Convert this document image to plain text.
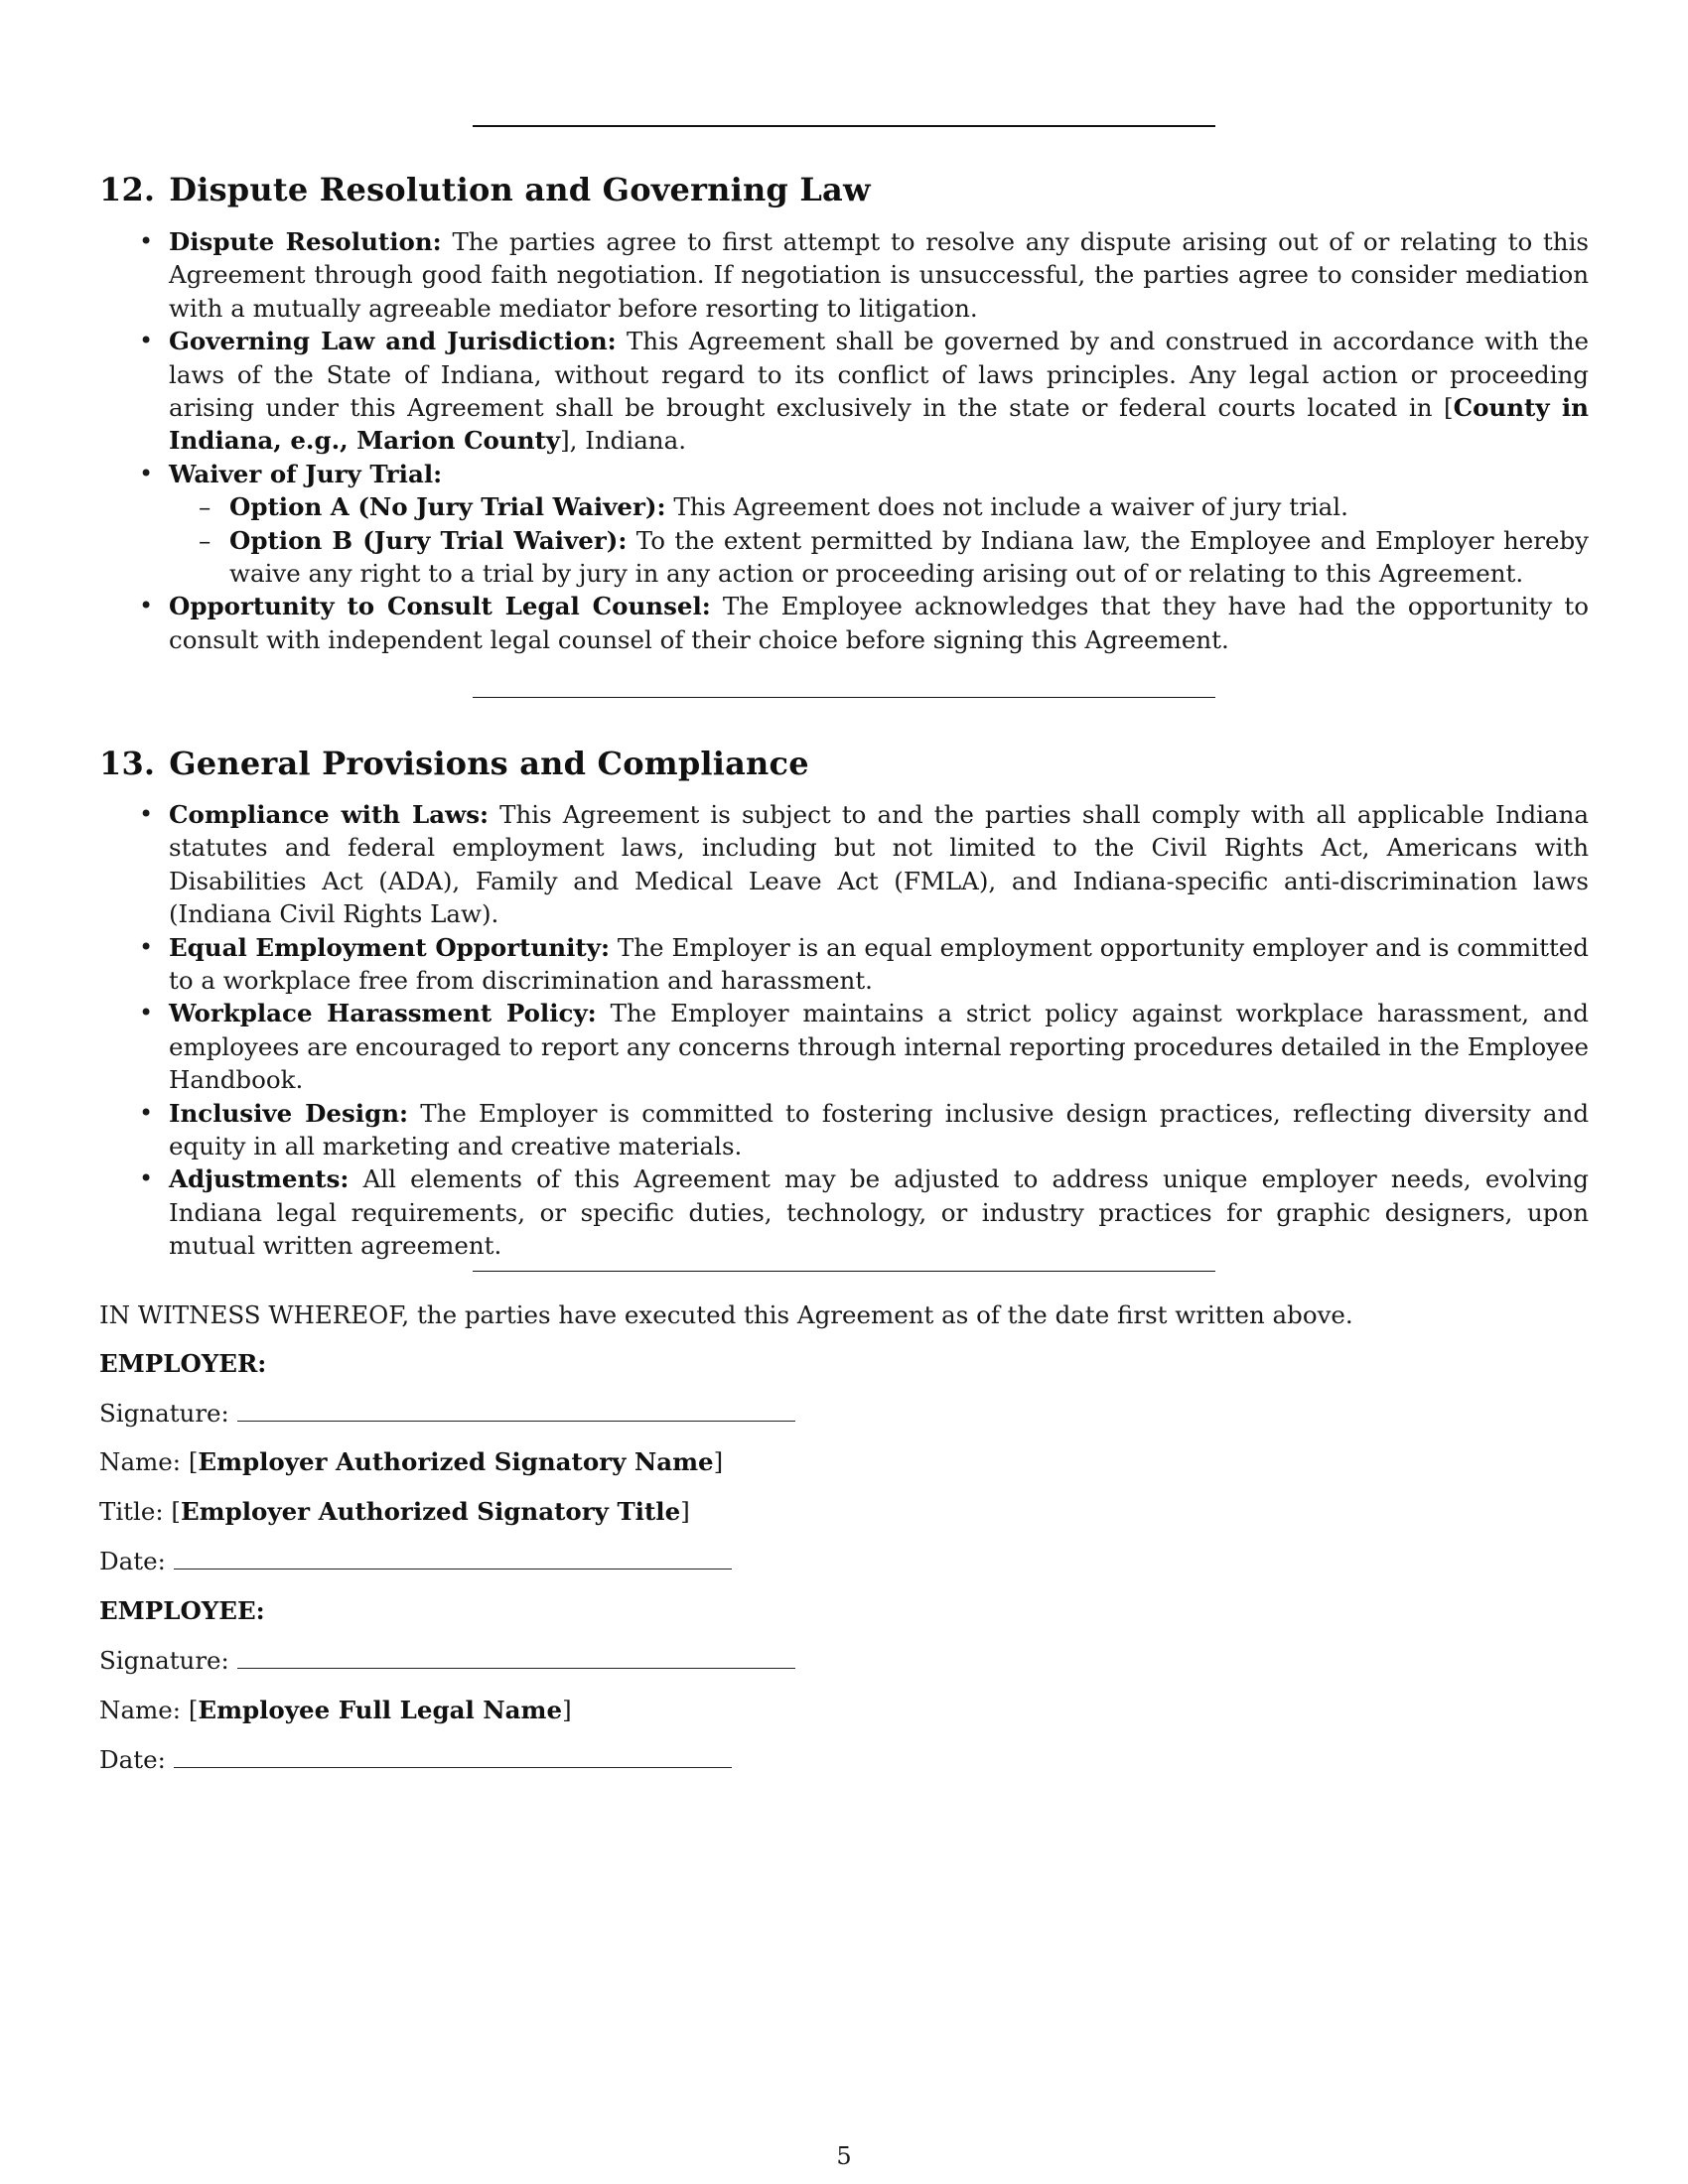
12. Dispute Resolution and Governing Law
• Dispute Resolution: The parties agree to first attempt to resolve any dispute arising out of or relating to this Agreement through good faith negotiation. If negotiation is unsuccessful, the parties agree to consider mediation with a mutually agreeable mediator before resorting to litigation.
• Governing Law and Jurisdiction: This Agreement shall be governed by and construed in accordance with the laws of the State of Indiana, without regard to its conflict of laws principles. Any legal action or proceeding arising under this Agreement shall be brought exclusively in the state or federal courts located in [County in Indiana, e.g., Marion County], Indiana.
• Waiver of Jury Trial:
– Option A (No Jury Trial Waiver): This Agreement does not include a waiver of jury trial.
– Option B (Jury Trial Waiver): To the extent permitted by Indiana law, the Employee and Employer hereby waive any right to a trial by jury in any action or proceeding arising out of or relating to this Agreement.
• Opportunity to Consult Legal Counsel: The Employee acknowledges that they have had the opportunity to consult with independent legal counsel of their choice before signing this Agreement.
13. General Provisions and Compliance
• Compliance with Laws: This Agreement is subject to and the parties shall comply with all applicable Indiana statutes and federal employment laws, including but not limited to the Civil Rights Act, Americans with Disabilities Act (ADA), Family and Medical Leave Act (FMLA), and Indiana-specific anti-discrimination laws (Indiana Civil Rights Law).
• Equal Employment Opportunity: The Employer is an equal employment opportunity employer and is committed to a workplace free from discrimination and harassment.
• Workplace Harassment Policy: The Employer maintains a strict policy against workplace harassment, and employees are encouraged to report any concerns through internal reporting procedures detailed in the Employee Handbook.
• Inclusive Design: The Employer is committed to fostering inclusive design practices, reflecting diversity and equity in all marketing and creative materials.
• Adjustments: All elements of this Agreement may be adjusted to address unique employer needs, evolving Indiana legal requirements, or specific duties, technology, or industry practices for graphic designers, upon mutual written agreement.
IN WITNESS WHEREOF, the parties have executed this Agreement as of the date first written above.
EMPLOYER:
Signature:
Name: [Employer Authorized Signatory Name]
Title: [Employer Authorized Signatory Title]
Date:
EMPLOYEE:
Signature:
Name: [Employee Full Legal Name]
Date:
5
